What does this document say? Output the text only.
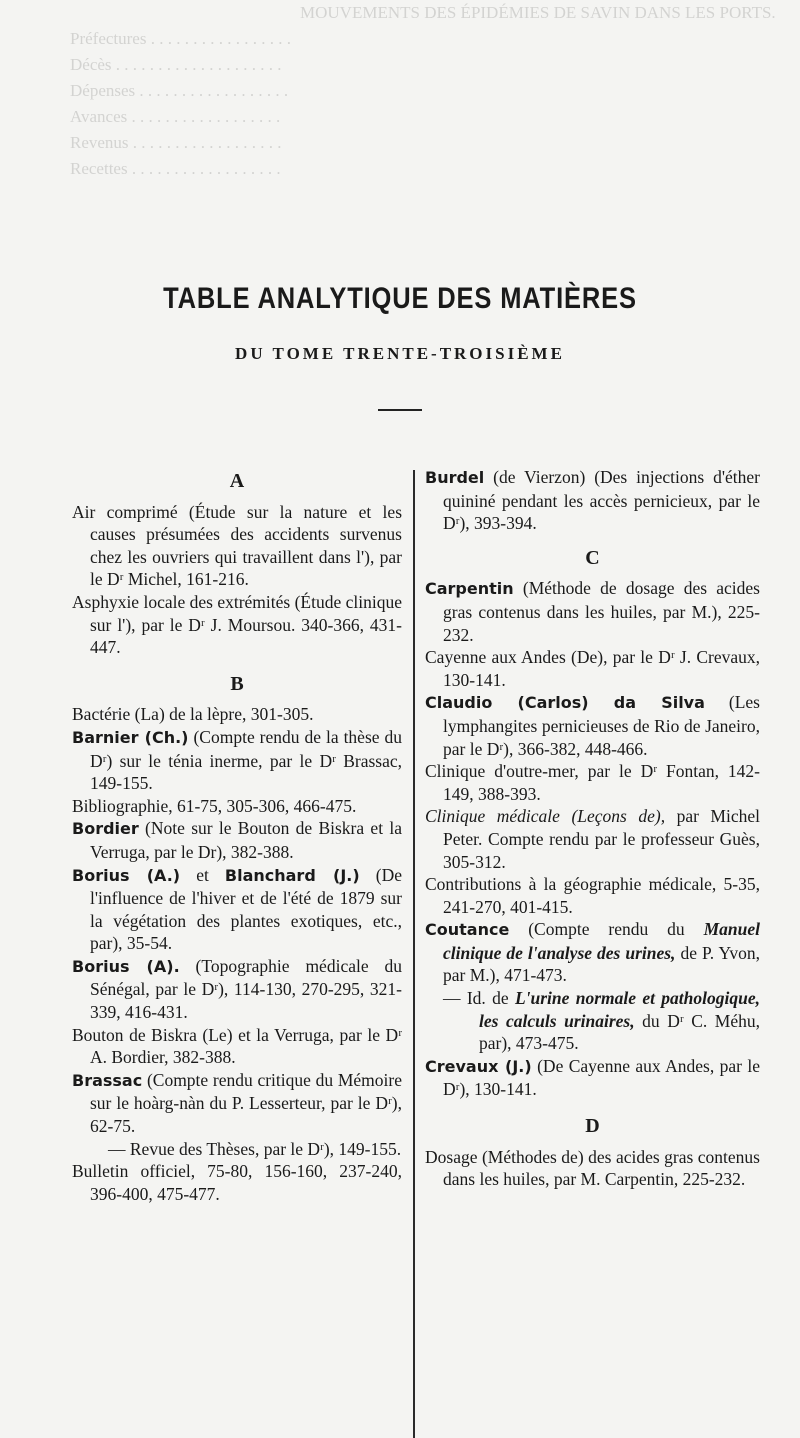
MOUVEMENTS DES ÉPIDÉMIES DE SAVIN DANS LES PORTS.
Préfectures . . . . . . . . . . . . . . . . .
Décès . . . . . . . . . . . . . . . . . . . .
Dépenses . . . . . . . . . . . . . . . . . .
Avances . . . . . . . . . . . . . . . . . .
Revenus . . . . . . . . . . . . . . . . . .
Recettes . . . . . . . . . . . . . . . . . .
TABLE ANALYTIQUE DES MATIÈRES
DU TOME TRENTE-TROISIÈME
A
Air comprimé (Étude sur la nature et les causes présumées des accidents survenus chez les ouvriers qui travaillent dans l'), par le Dʳ Michel, 161-216.
Asphyxie locale des extrémités (Étude clinique sur l'), par le Dʳ J. Moursou. 340-366, 431-447.
B
Bactérie (La) de la lèpre, 301-305.
Barnier (Ch.) (Compte rendu de la thèse du Dʳ) sur le ténia inerme, par le Dʳ Brassac, 149-155.
Bibliographie, 61-75, 305-306, 466-475.
Bordier (Note sur le Bouton de Biskra et la Verruga, par le Dr), 382-388.
Borius (A.) et Blanchard (J.) (De l'influence de l'hiver et de l'été de 1879 sur la végétation des plantes exotiques, etc., par), 35-54.
Borius (A). (Topographie médicale du Sénégal, par le Dʳ), 114-130, 270-295, 321-339, 416-431.
Bouton de Biskra (Le) et la Verruga, par le Dʳ A. Bordier, 382-388.
Brassac (Compte rendu critique du Mémoire sur le hoàrg-nàn du P. Lesserteur, par le Dʳ), 62-75.
— Revue des Thèses, par le Dʳ), 149-155.
Bulletin officiel, 75-80, 156-160, 237-240, 396-400, 475-477.
Burdel (de Vierzon) (Des injections d'éther quininé pendant les accès pernicieux, par le Dʳ), 393-394.
C
Carpentin (Méthode de dosage des acides gras contenus dans les huiles, par M.), 225-232.
Cayenne aux Andes (De), par le Dʳ J. Crevaux, 130-141.
Claudio (Carlos) da Silva (Les lymphangites pernicieuses de Rio de Janeiro, par le Dʳ), 366-382, 448-466.
Clinique d'outre-mer, par le Dʳ Fontan, 142-149, 388-393.
Clinique médicale (Leçons de), par Michel Peter. Compte rendu par le professeur Guès, 305-312.
Contributions à la géographie médicale, 5-35, 241-270, 401-415.
Coutance (Compte rendu du Manuel clinique de l'analyse des urines, de P. Yvon, par M.), 471-473.
— Id. de L'urine normale et pathologique, les calculs urinaires, du Dʳ C. Méhu, par), 473-475.
Crevaux (J.) (De Cayenne aux Andes, par le Dʳ), 130-141.
D
Dosage (Méthodes de) des acides gras contenus dans les huiles, par M. Carpentin, 225-232.
